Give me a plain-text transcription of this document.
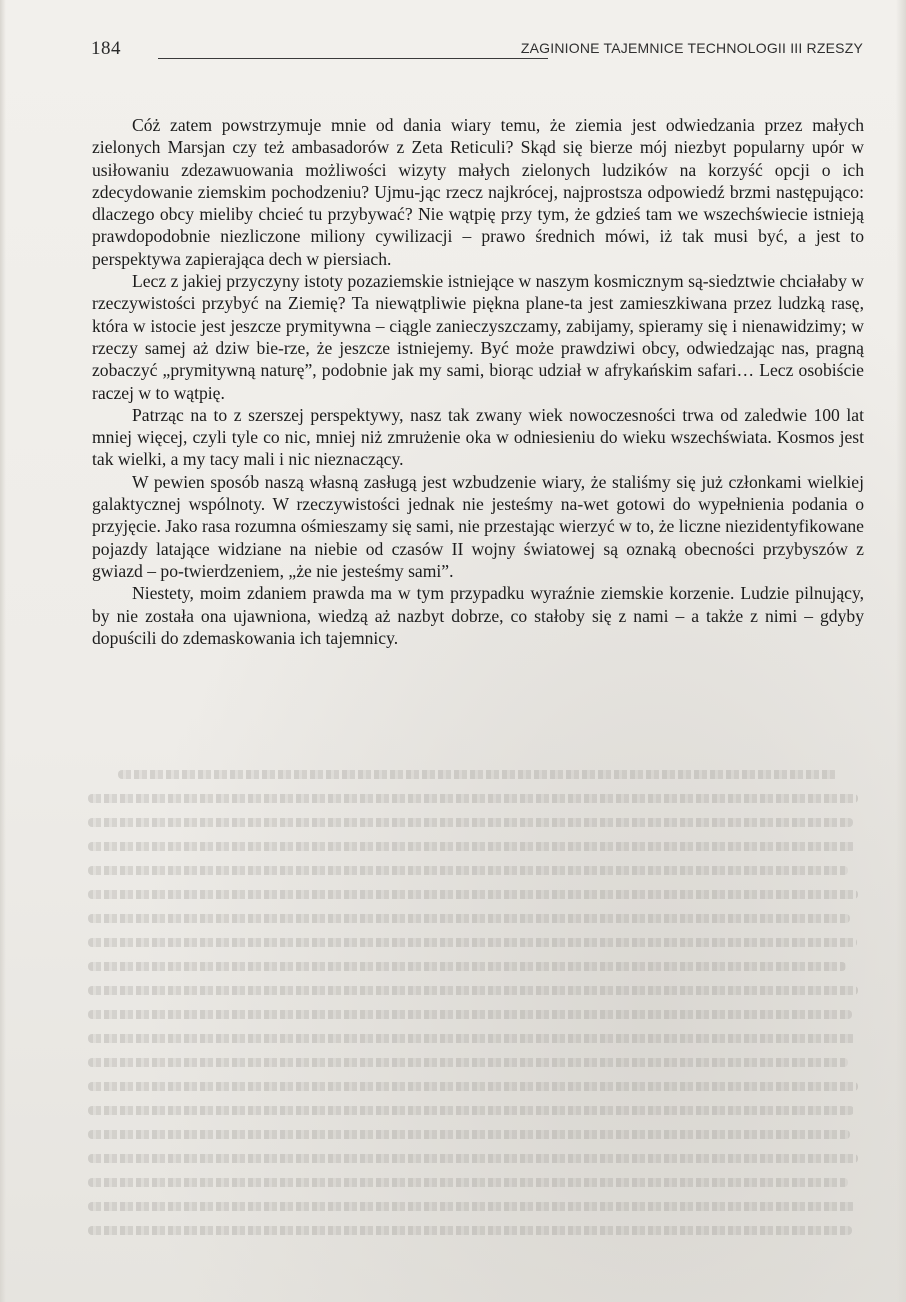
184	ZAGINIONE TAJEMNICE TECHNOLOGII III RZESZY

Cóż zatem powstrzymuje mnie od dania wiary temu, że ziemia jest odwiedzania przez małych zielonych Marsjan czy też ambasadorów z Zeta Reticuli? Skąd się bierze mój niezbyt popularny upór w usiłowaniu zdezawuowania możliwości wizyty małych zielonych ludzików na korzyść opcji o ich zdecydowanie ziemskim pochodzeniu? Ujmu-jąc rzecz najkrócej, najprostsza odpowiedź brzmi następująco: dlaczego obcy mieliby chcieć tu przybywać? Nie wątpię przy tym, że gdzieś tam we wszechświecie istnieją prawdopodobnie niezliczone miliony cywilizacji – prawo średnich mówi, iż tak musi być, a jest to perspektywa zapierająca dech w piersiach.

Lecz z jakiej przyczyny istoty pozaziemskie istniejące w naszym kosmicznym są-siedztwie chciałaby w rzeczywistości przybyć na Ziemię? Ta niewątpliwie piękna plane-ta jest zamieszkiwana przez ludzką rasę, która w istocie jest jeszcze prymitywna – ciągle zanieczyszczamy, zabijamy, spieramy się i nienawidzimy; w rzeczy samej aż dziw bie-rze, że jeszcze istniejemy. Być może prawdziwi obcy, odwiedzając nas, pragną zobaczyć „prymitywną naturę”, podobnie jak my sami, biorąc udział w afrykańskim safari… Lecz osobiście raczej w to wątpię.

Patrząc na to z szerszej perspektywy, nasz tak zwany wiek nowoczesności trwa od zaledwie 100 lat mniej więcej, czyli tyle co nic, mniej niż zmrużenie oka w odniesieniu do wieku wszechświata. Kosmos jest tak wielki, a my tacy mali i nic nieznaczący.

W pewien sposób naszą własną zasługą jest wzbudzenie wiary, że staliśmy się już członkami wielkiej galaktycznej wspólnoty. W rzeczywistości jednak nie jesteśmy na-wet gotowi do wypełnienia podania o przyjęcie. Jako rasa rozumna ośmieszamy się sami, nie przestając wierzyć w to, że liczne niezidentyfikowane pojazdy latające widziane na niebie od czasów II wojny światowej są oznaką obecności przybyszów z gwiazd – po-twierdzeniem, „że nie jesteśmy sami”.

Niestety, moim zdaniem prawda ma w tym przypadku wyraźnie ziemskie korzenie. Ludzie pilnujący, by nie została ona ujawniona, wiedzą aż nazbyt dobrze, co stałoby się z nami – a także z nimi – gdyby dopuścili do zdemaskowania ich tajemnicy.
